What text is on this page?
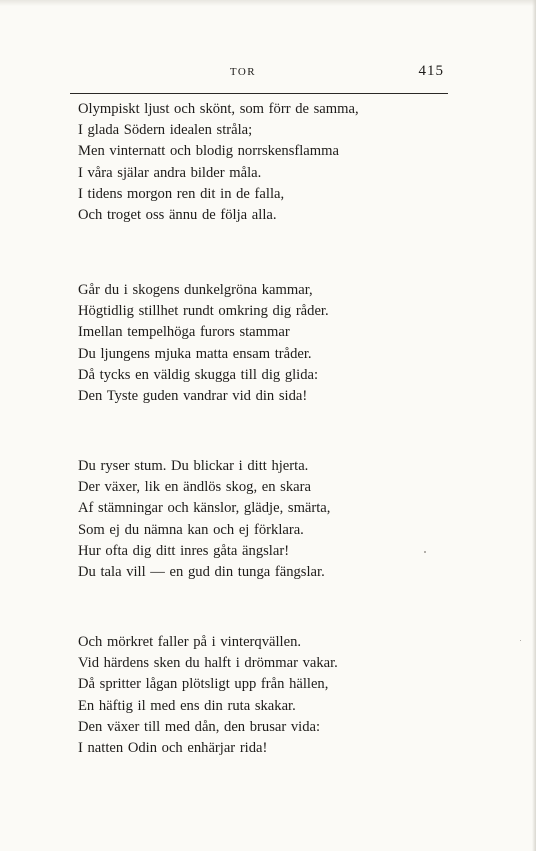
TOR	415
Olympiskt ljust och skönt, som förr de samma,
I glada Södern idealen stråla;
Men vinternatt och blodig norrskensflamma
I våra själar andra bilder måla.
I tidens morgon ren dit in de falla,
Och troget oss ännu de följa alla.
Går du i skogens dunkelgröna kammar,
Högtidlig stillhet rundt omkring dig råder.
Imellan tempelhöga furors stammar
Du ljungens mjuka matta ensam tråder.
Då tycks en väldig skugga till dig glida:
Den Tyste guden vandrar vid din sida!
Du ryser stum. Du blickar i ditt hjerta.
Der växer, lik en ändlös skog, en skara
Af stämningar och känslor, glädje, smärta,
Som ej du nämna kan och ej förklara.
Hur ofta dig ditt inres gåta ängslar!
Du tala vill — en gud din tunga fängslar.
Och mörkret faller på i vinterqvällen.
Vid härdens sken du halft i drömmar vakar.
Då spritter lågan plötsligt upp från hällen,
En häftig il med ens din ruta skakar.
Den växer till med dån, den brusar vida:
I natten Odin och enhärjar rida!
